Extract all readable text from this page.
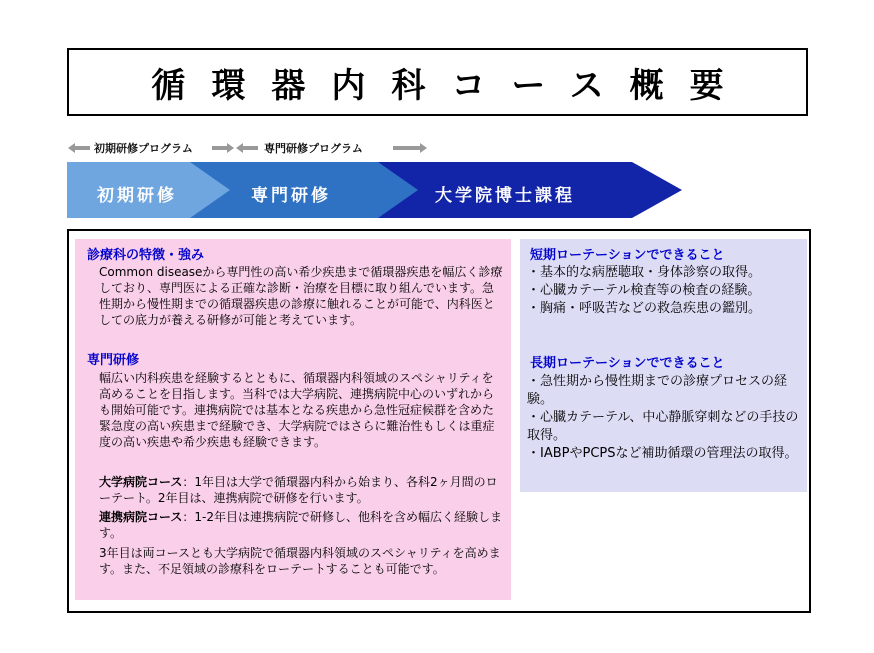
循環器内科コース概要
初期研修プログラム	専門研修プログラム
初期研修	専門研修	大学院博士課程
診療科の特徴・強み
Common diseaseから専門性の高い希少疾患まで循環器疾患を幅広く診療しており、専門医による正確な診断・治療を目標に取り組んでいます。急性期から慢性期までの循環器疾患の診療に触れることが可能で、内科医としての底力が養える研修が可能と考えています。
専門研修
幅広い内科疾患を経験するとともに、循環器内科領域のスペシャリティを高めることを目指します。当科では大学病院、連携病院中心のいずれからも開始可能です。連携病院では基本となる疾患から急性冠症候群を含めた緊急度の高い疾患まで経験でき、大学病院ではさらに難治性もしくは重症度の高い疾患や希少疾患も経験できます。
大学病院コース：1年目は大学で循環器内科から始まり、各科2ヶ月間のローテート。2年目は、連携病院で研修を行います。
連携病院コース：1-2年目は連携病院で研修し、他科を含め幅広く経験します。
3年目は両コースとも大学病院で循環器内科領域のスペシャリティを高めます。また、不足領域の診療科をローテートすることも可能です。
短期ローテーションでできること
・ 基本的な病歴聴取・身体診察の取得。
・ 心臓カテーテル検査等の検査の経験。
・ 胸痛・呼吸苦などの救急疾患の鑑別。
長期ローテーションでできること
・ 急性期から慢性期までの診療プロセスの経験。
・ 心臓カテーテル、中心静脈穿刺などの手技の取得。
・ IABPやPCPSなど補助循環の管理法の取得。
